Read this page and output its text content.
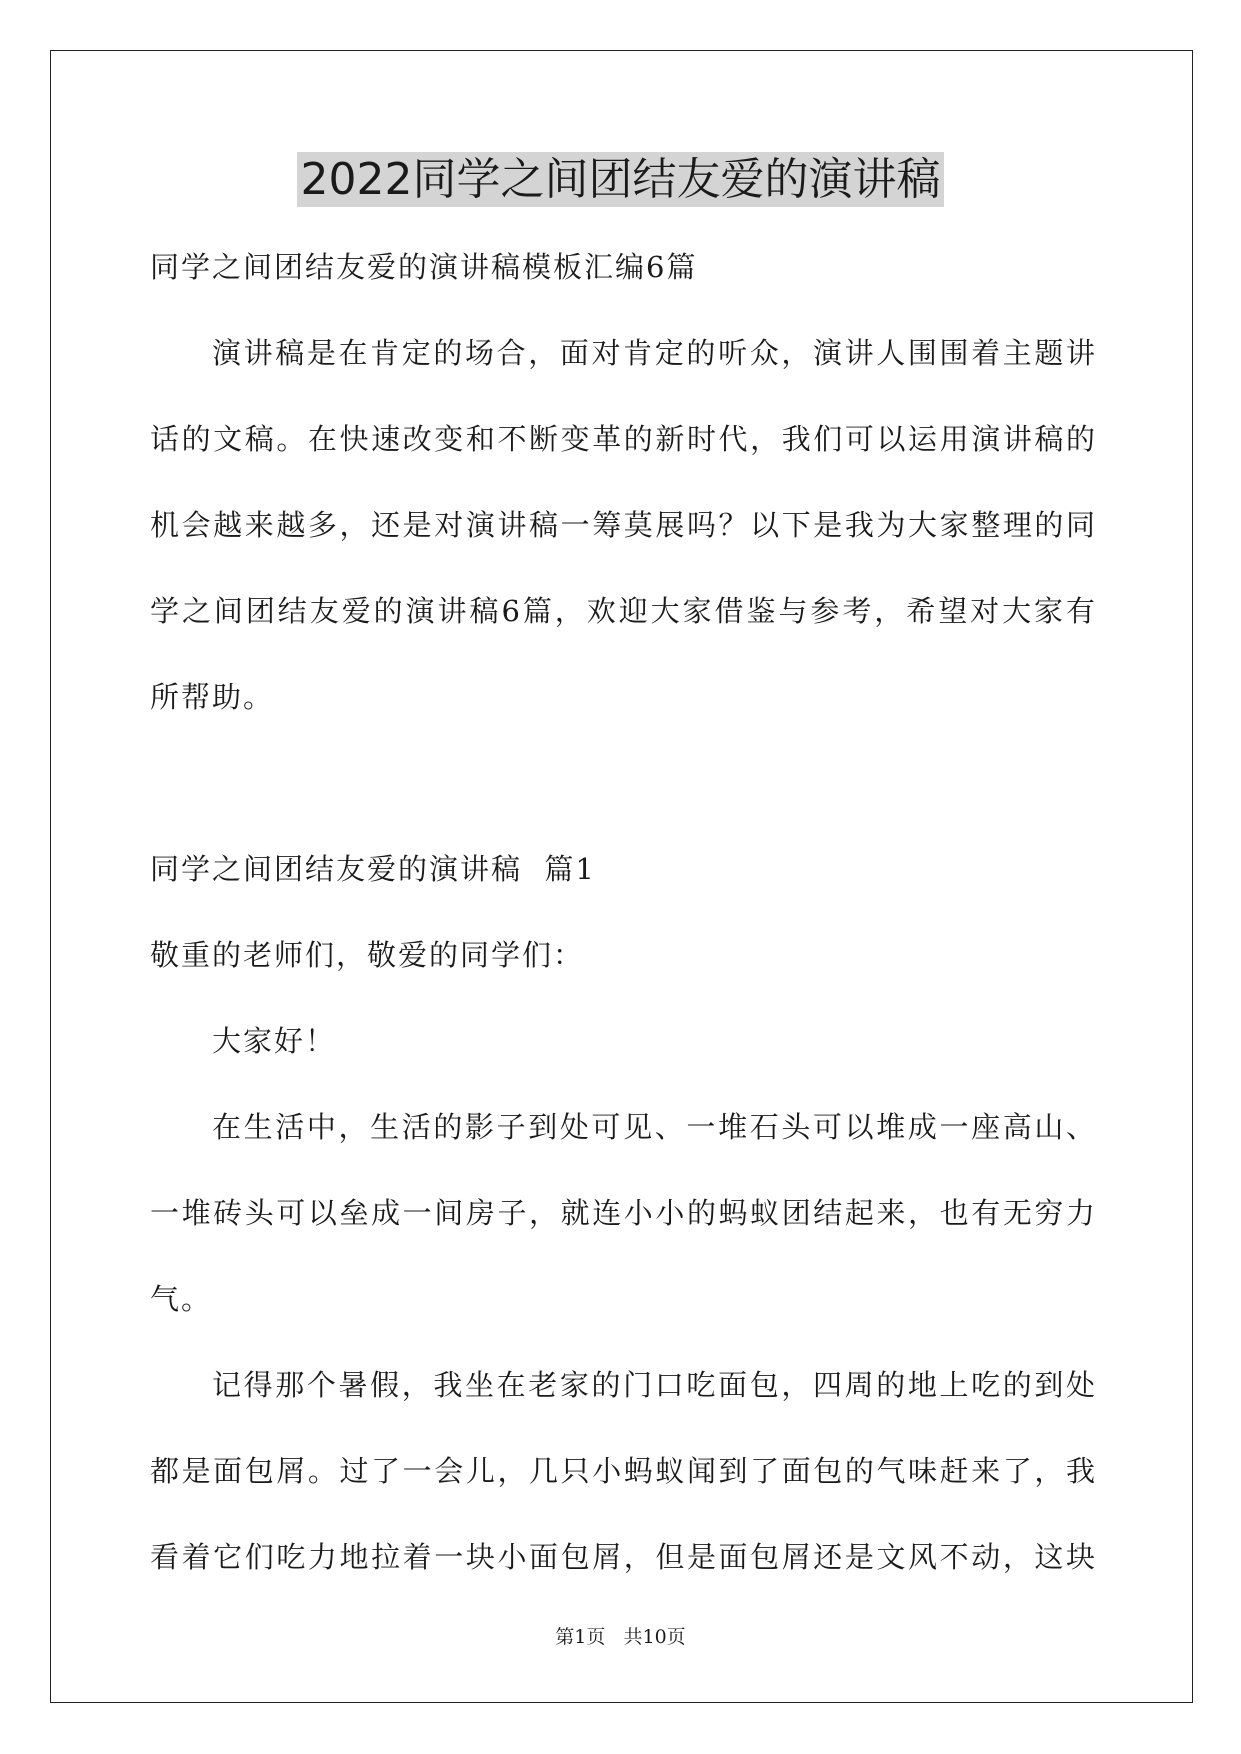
2022同学之间团结友爱的演讲稿
同学之间团结友爱的演讲稿模板汇编6篇
演讲稿是在肯定的场合，面对肯定的听众，演讲人围围着主题讲
话的文稿。在快速改变和不断变革的新时代，我们可以运用演讲稿的
机会越来越多，还是对演讲稿一筹莫展吗？以下是我为大家整理的同
学之间团结友爱的演讲稿6篇，欢迎大家借鉴与参考，希望对大家有
所帮助。
同学之间团结友爱的演讲稿  篇1
敬重的老师们，敬爱的同学们：
大家好！
在生活中，生活的影子到处可见、一堆石头可以堆成一座高山、
一堆砖头可以垒成一间房子，就连小小的蚂蚁团结起来，也有无穷力
气。
记得那个暑假，我坐在老家的门口吃面包，四周的地上吃的到处
都是面包屑。过了一会儿，几只小蚂蚁闻到了面包的气味赶来了，我
看着它们吃力地拉着一块小面包屑，但是面包屑还是文风不动，这块
第1页   共10页
